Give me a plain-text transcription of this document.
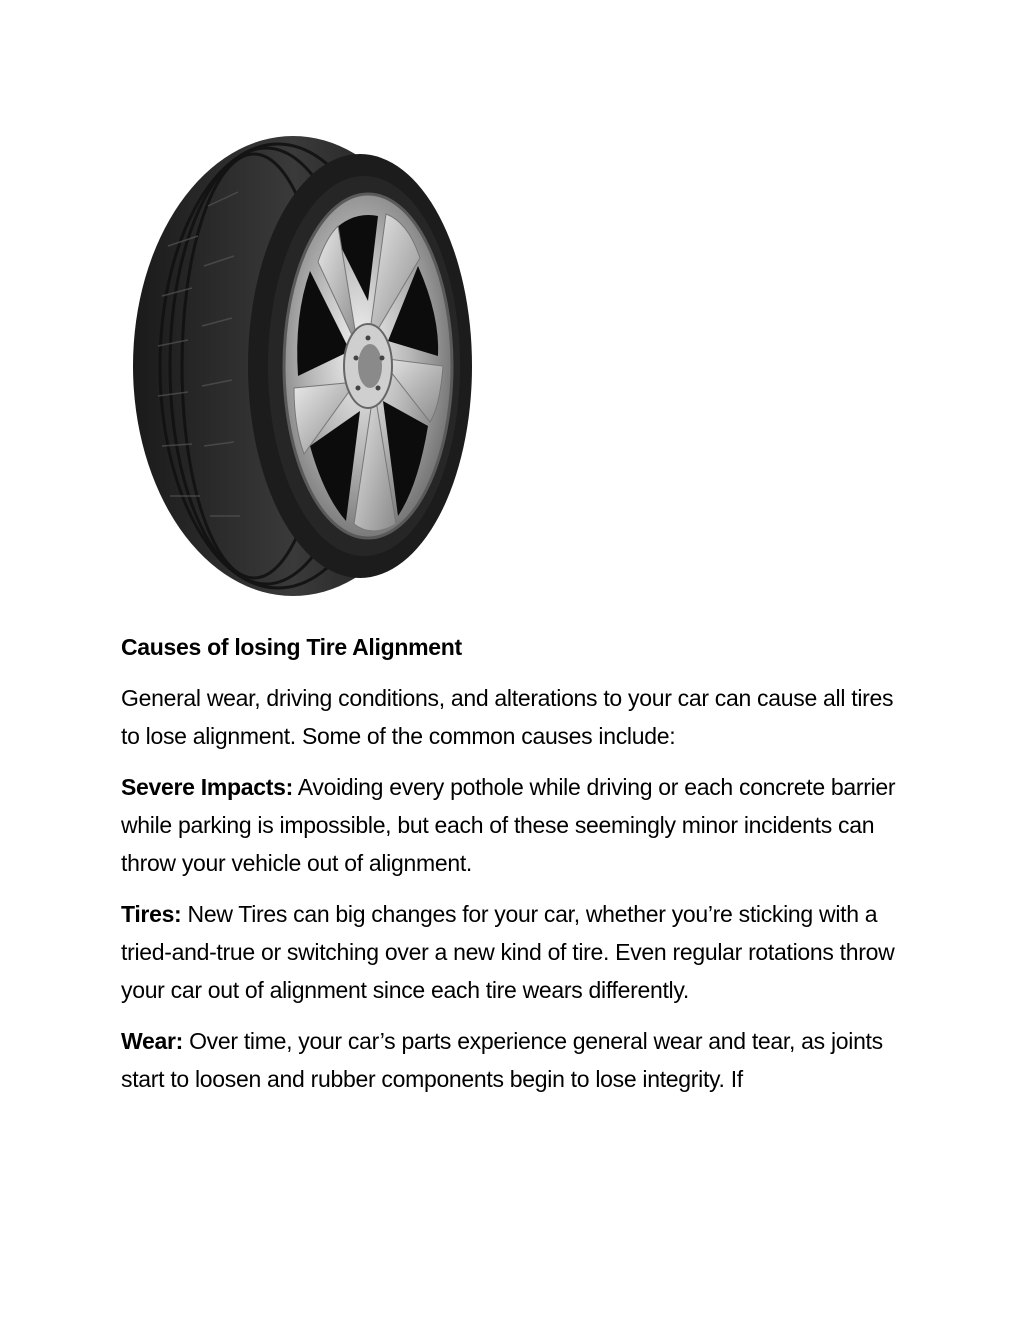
Causes of losing Tire Alignment

General wear, driving conditions, and alterations to your car can cause all tires to lose alignment. Some of the common causes include:

Severe Impacts: Avoiding every pothole while driving or each concrete barrier while parking is impossible, but each of these seemingly minor incidents can throw your vehicle out of alignment.

Tires: New Tires can big changes for your car, whether you’re sticking with a tried-and-true or switching over a new kind of tire. Even regular rotations throw your car out of alignment since each tire wears differently.

Wear: Over time, your car’s parts experience general wear and tear, as joints start to loosen and rubber components begin to lose integrity. If
